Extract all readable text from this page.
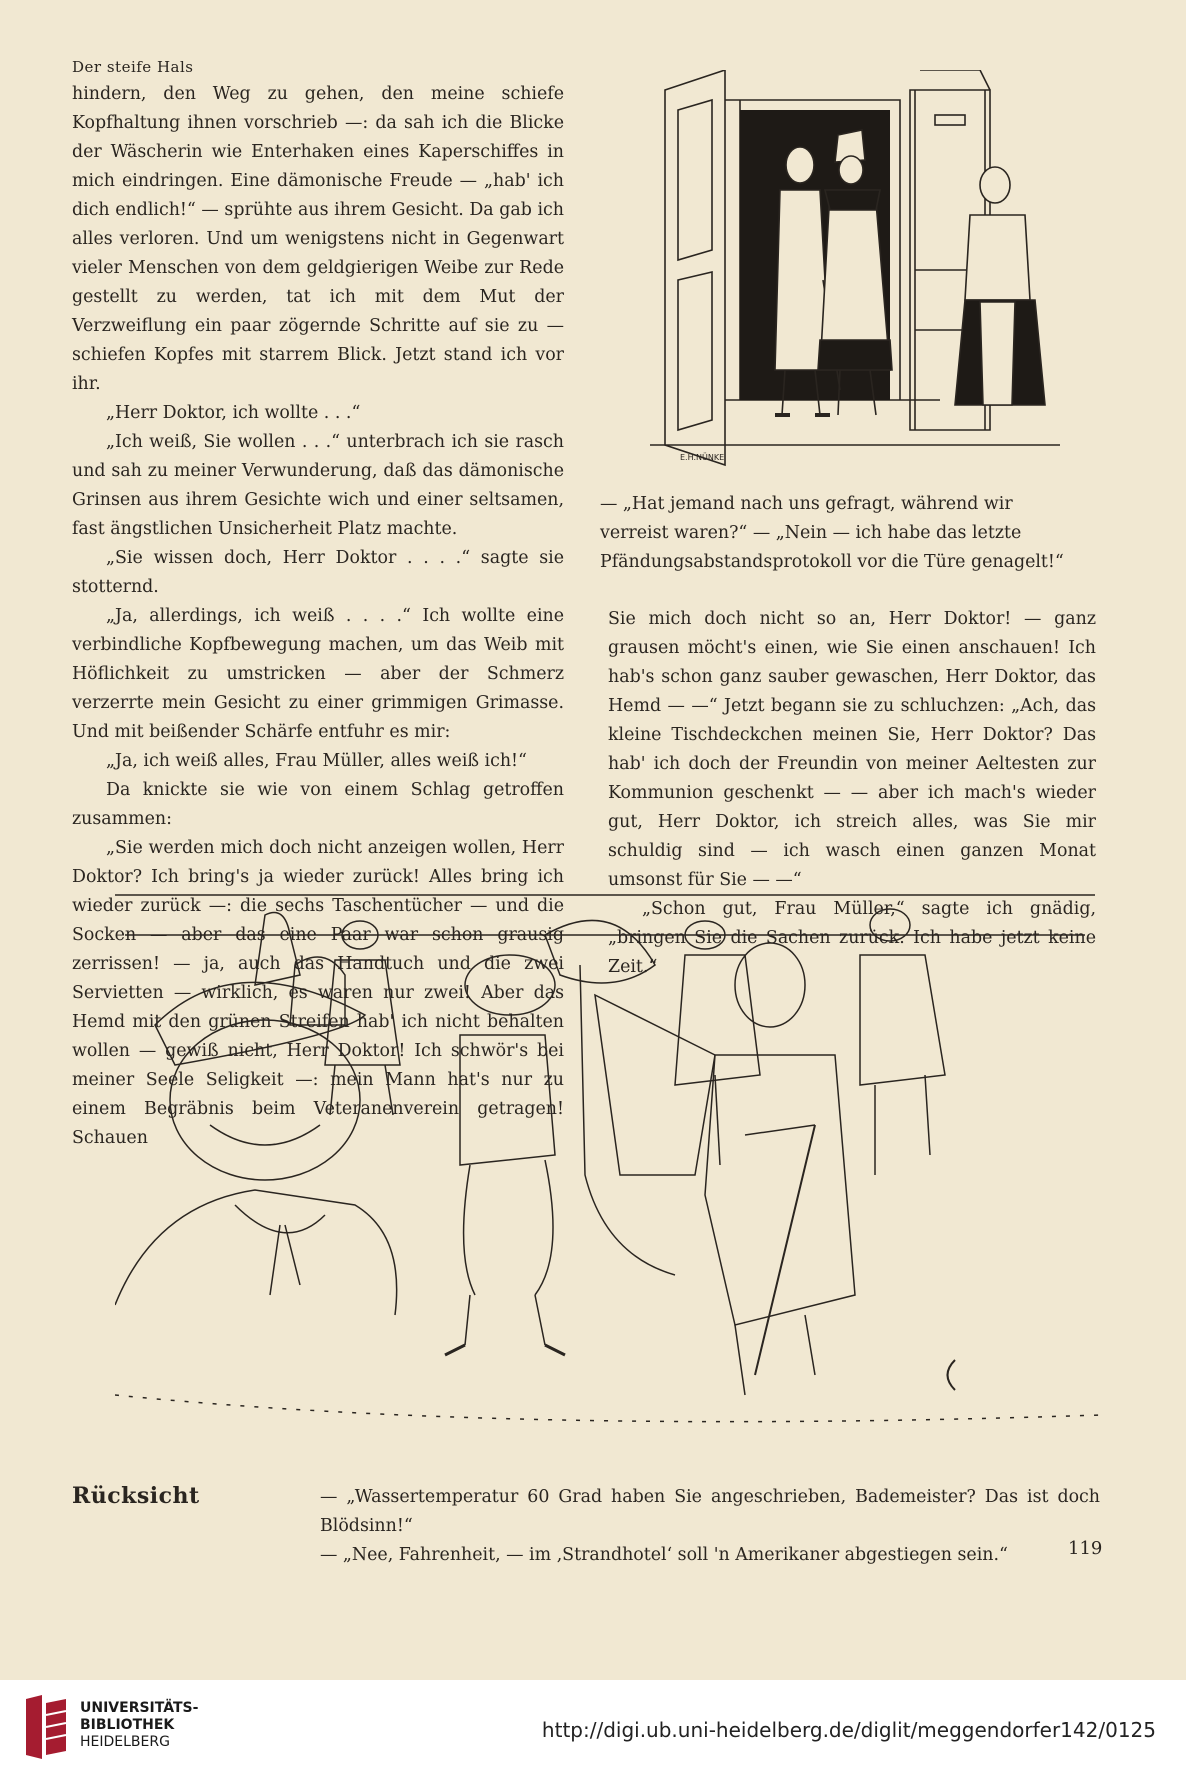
Der steife Hals

hindern, den Weg zu gehen, den meine schiefe Kopfhaltung ihnen vorschrieb —: da sah ich die Blicke der Wäscherin wie Enterhaken eines Kaperschiffes in mich eindringen. Eine dämonische Freude — „hab' ich dich endlich!“ — sprühte aus ihrem Gesicht. Da gab ich alles verloren. Und um wenigstens nicht in Gegenwart vieler Menschen von dem geldgierigen Weibe zur Rede gestellt zu werden, tat ich mit dem Mut der Verzweiflung ein paar zögernde Schritte auf sie zu — schiefen Kopfes mit starrem Blick. Jetzt stand ich vor ihr.

„Herr Doktor, ich wollte . . .“

„Ich weiß, Sie wollen . . .“ unterbrach ich sie rasch und sah zu meiner Verwunderung, daß das dämonische Grinsen aus ihrem Gesichte wich und einer seltsamen, fast ängstlichen Unsicherheit Platz machte.

„Sie wissen doch, Herr Doktor . . . .“ sagte sie stotternd.

„Ja, allerdings, ich weiß . . . .“ Ich wollte eine verbindliche Kopfbewegung machen, um das Weib mit Höflichkeit zu umstricken — aber der Schmerz verzerrte mein Gesicht zu einer grimmigen Grimasse. Und mit beißender Schärfe entfuhr es mir:

„Ja, ich weiß alles, Frau Müller, alles weiß ich!“

Da knickte sie wie von einem Schlag getroffen zusammen:

„Sie werden mich doch nicht anzeigen wollen, Herr Doktor? Ich bring's ja wieder zurück! Alles bring ich wieder zurück —: die sechs Taschentücher — und die Socken — aber das eine Paar war schon grausig zerrissen! — ja, auch das Handtuch und die zwei Servietten — wirklich, es waren nur zwei! Aber das Hemd mit den grünen Streifen hab' ich nicht behalten wollen — gewiß nicht, Herr Doktor! Ich schwör's bei meiner Seele Seligkeit —: mein Mann hat's nur zu einem Begräbnis beim Veteranenverein getragen! Schauen

E.H.NÜNKE
— „Hat jemand nach uns gefragt, während wir
verreist waren?“ — „Nein — ich habe das letzte
Pfändungsabstandsprotokoll vor die Türe genagelt!“

Sie mich doch nicht so an, Herr Doktor! — ganz grausen möcht's einen, wie Sie einen anschauen! Ich hab's schon ganz sauber gewaschen, Herr Doktor, das Hemd — —“ Jetzt begann sie zu schluchzen: „Ach, das kleine Tischdeckchen meinen Sie, Herr Doktor? Das hab' ich doch der Freundin von meiner Aeltesten zur Kommunion geschenkt — — aber ich mach's wieder gut, Herr Doktor, ich streich alles, was Sie mir schuldig sind — ich wasch einen ganzen Monat umsonst für Sie — —“

„Schon gut, Frau Müller,“ sagte ich gnädig, „bringen Sie die Sachen zurück. Ich habe jetzt keine Zeit.“

Rücksicht	— „Wassertemperatur 60 Grad haben Sie angeschrieben, Bademeister? Das ist doch Blödsinn!“
— „Nee, Fahrenheit, — im ‚Strandhotel‘ soll 'n Amerikaner abgestiegen sein.“	119
UNIVERSITÄTS-
BIBLIOTHEK
HEIDELBERG	http://digi.ub.uni-heidelberg.de/diglit/meggendorfer142/0125
